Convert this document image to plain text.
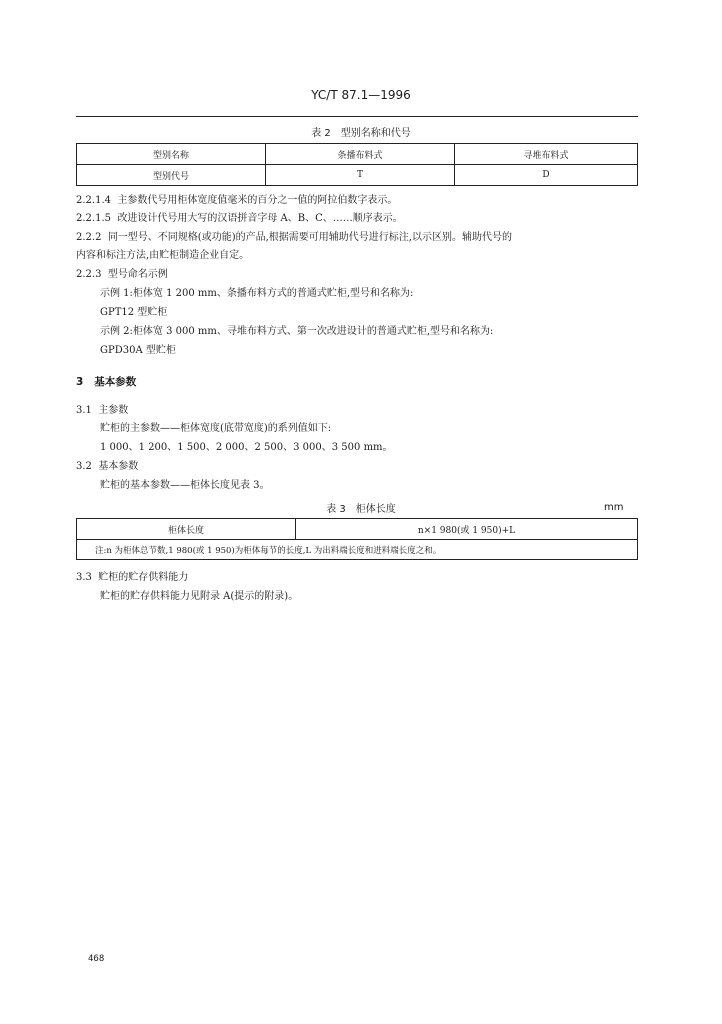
YC/T 87.1—1996
表 2　型别名称和代号
型别名称	条播布料式	寻堆布料式
型别代号	T	D
2.2.1.4 主参数代号用柜体宽度值毫米的百分之一值的阿拉伯数字表示。
2.2.1.5 改进设计代号用大写的汉语拼音字母 A、B、C、……顺序表示。
2.2.2 同一型号、不同规格(或功能)的产品,根据需要可用辅助代号进行标注,以示区别。辅助代号的
内容和标注方法,由贮柜制造企业自定。
2.2.3 型号命名示例
示例 1:柜体宽 1 200 mm、条播布料方式的普通式贮柜,型号和名称为:
GPT12 型贮柜
示例 2:柜体宽 3 000 mm、寻堆布料方式、第一次改进设计的普通式贮柜,型号和名称为:
GPD30A 型贮柜
3 基本参数
3.1 主参数
贮柜的主参数——柜体宽度(底带宽度)的系列值如下:
1 000、1 200、1 500、2 000、2 500、3 000、3 500 mm。
3.2 基本参数
贮柜的基本参数——柜体长度见表 3。
表 3　柜体长度	mm
柜体长度	n×1 980(或 1 950)+L
注:n 为柜体总节数,1 980(或 1 950)为柜体每节的长度,L 为出料端长度和进料端长度之和。
3.3 贮柜的贮存供料能力
贮柜的贮存供料能力见附录 A(提示的附录)。
468
